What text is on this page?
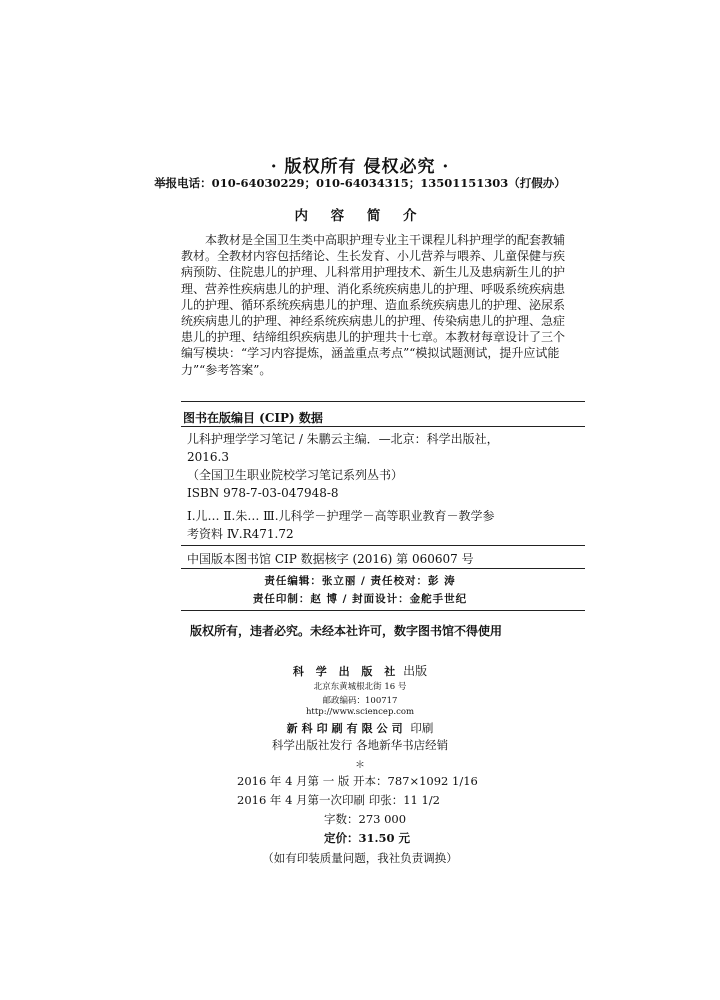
· 版权所有 侵权必究 ·
举报电话：010-64030229；010-64034315；13501151303（打假办）
内 容 简 介
本教材是全国卫生类中高职护理专业主干课程儿科护理学的配套教辅
教材。全教材内容包括绪论、生长发育、小儿营养与喂养、儿童保健与疾
病预防、住院患儿的护理、儿科常用护理技术、新生儿及患病新生儿的护
理、营养性疾病患儿的护理、消化系统疾病患儿的护理、呼吸系统疾病患
儿的护理、循环系统疾病患儿的护理、造血系统疾病患儿的护理、泌尿系
统疾病患儿的护理、神经系统疾病患儿的护理、传染病患儿的护理、急症
患儿的护理、结缔组织疾病患儿的护理共十七章。本教材每章设计了三个
编写模块：“学习内容提炼，涵盖重点考点”“模拟试题测试，提升应试能
力”“参考答案”。
图书在版编目 (CIP) 数据
儿科护理学学习笔记 / 朱鹏云主编．—北京：科学出版社，
2016.3
（全国卫生职业院校学习笔记系列丛书）
ISBN 978-7-03-047948-8
Ⅰ.儿… Ⅱ.朱… Ⅲ.儿科学－护理学－高等职业教育－教学参
考资料 Ⅳ.R471.72
中国版本图书馆 CIP 数据核字 (2016) 第 060607 号
责任编辑：张立丽 / 责任校对：彭 涛
责任印制：赵 博 / 封面设计：金舵手世纪
版权所有，违者必究。未经本社许可，数字图书馆不得使用
科 学 出 版 社 出版
北京东黄城根北街 16 号
邮政编码：100717
http://www.sciencep.com
新科印刷有限公司 印刷
科学出版社发行 各地新华书店经销
＊
2016 年 4 月第 一 版 开本：787×1092 1/16
2016 年 4 月第一次印刷 印张：11 1/2
字数：273 000
定价：31.50 元
（如有印装质量问题，我社负责调换）
